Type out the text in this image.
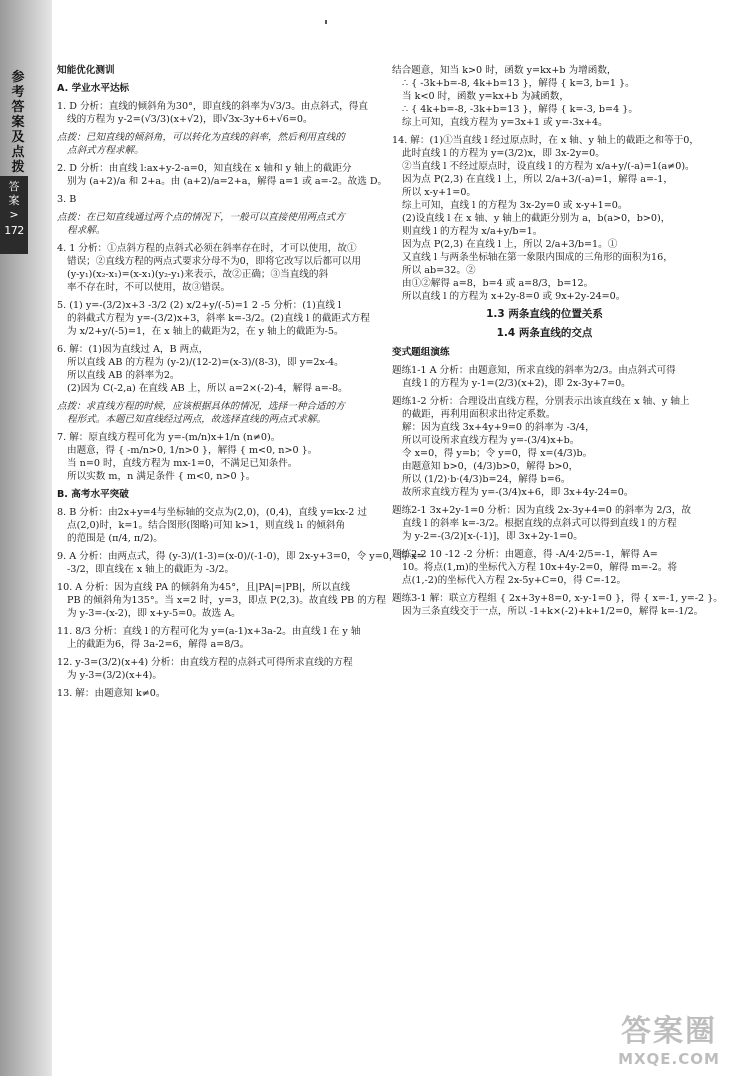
参
考
答
案
及
点
拨
答
案
>
172
知能优化测训
A. 学业水平达标
1. D 分析：直线的倾斜角为30°，即直线的斜率为√3/3。由点斜式，得直
线的方程为 y-2=(√3/3)(x+√2)，即√3x-3y+6+√6=0。
点拨：已知直线的倾斜角，可以转化为直线的斜率，然后利用直线的
点斜式方程求解。
2. D 分析：由直线 l:ax+y-2-a=0，知直线在 x 轴和 y 轴上的截距分
别为 (a+2)/a 和 2+a。由 (a+2)/a=2+a，解得 a=1 或 a=-2。故选 D。
3. B
点拨：在已知直线通过两个点的情况下，一般可以直接使用两点式方
程求解。
4. 1 分析：①点斜方程的点斜式必须在斜率存在时，才可以使用，故①
错误；②直线方程的两点式要求分母不为0，即将它改写以后都可以用
(y-y₁)(x₂-x₁)=(x-x₁)(y₂-y₁)来表示，故②正确；③当直线的斜
率不存在时，不可以使用，故③错误。
5. (1) y=-(3/2)x+3 -3/2 (2) x/2+y/(-5)=1 2 -5 分析：(1)直线 l
的斜截式方程为 y=-(3/2)x+3，斜率 k=-3/2。(2)直线 l 的截距式方程
为 x/2+y/(-5)=1，在 x 轴上的截距为2，在 y 轴上的截距为-5。
6. 解：(1)因为直线过 A，B 两点，
所以直线 AB 的方程为 (y-2)/(12-2)=(x-3)/(8-3)，即 y=2x-4。
所以直线 AB 的斜率为2。
(2)因为 C(-2,a) 在直线 AB 上，所以 a=2×(-2)-4，解得 a=-8。
点拨：求直线方程的时候，应该根据具体的情况，选择一种合适的方
程形式。本题已知直线经过两点，故选择直线的两点式求解。
7. 解：原直线方程可化为 y=-(m/n)x+1/n (n≠0)。
由题意，得 { -m/n>0, 1/n>0 }，解得 { m<0, n>0 }。
当 n=0 时，直线方程为 mx-1=0，不满足已知条件。
所以实数 m，n 满足条件 { m<0, n>0 }。
B. 高考水平突破
8. B 分析：由2x+y=4与坐标轴的交点为(2,0)，(0,4)，直线 y=kx-2 过
点(2,0)时，k=1。结合图形(图略)可知 k>1，则直线 l₁ 的倾斜角
的范围是 (π/4, π/2)。
9. A 分析：由两点式，得 (y-3)/(1-3)=(x-0)/(-1-0)，即 2x-y+3=0，令 y=0，得 x=
-3/2，即直线在 x 轴上的截距为 -3/2。
10. A 分析：因为直线 PA 的倾斜角为45°，且|PA|=|PB|，所以直线
PB 的倾斜角为135°。当 x=2 时，y=3，即点 P(2,3)。故直线 PB 的方程
为 y-3=-(x-2)，即 x+y-5=0。故选 A。
11. 8/3 分析：直线 l 的方程可化为 y=(a-1)x+3a-2。由直线 l 在 y 轴
上的截距为6，得 3a-2=6，解得 a=8/3。
12. y-3=(3/2)(x+4) 分析：由直线方程的点斜式可得所求直线的方程
为 y-3=(3/2)(x+4)。
13. 解：由题意知 k≠0。
结合题意，知当 k>0 时，函数 y=kx+b 为增函数，
∴ { -3k+b=-8, 4k+b=13 }，解得 { k=3, b=1 }。
当 k<0 时，函数 y=kx+b 为减函数，
∴ { 4k+b=-8, -3k+b=13 }，解得 { k=-3, b=4 }。
综上可知，直线方程为 y=3x+1 或 y=-3x+4。
14. 解：(1)①当直线 l 经过原点时，在 x 轴、y 轴上的截距之和等于0，
此时直线 l 的方程为 y=(3/2)x，即 3x-2y=0。
②当直线 l 不经过原点时，设直线 l 的方程为 x/a+y/(-a)=1(a≠0)。
因为点 P(2,3) 在直线 l 上，所以 2/a+3/(-a)=1，解得 a=-1，
所以 x-y+1=0。
综上可知，直线 l 的方程为 3x-2y=0 或 x-y+1=0。
(2)设直线 l 在 x 轴、y 轴上的截距分别为 a，b(a>0，b>0)，
则直线 l 的方程为 x/a+y/b=1。
因为点 P(2,3) 在直线 l 上，所以 2/a+3/b=1。①
又直线 l 与两条坐标轴在第一象限内围成的三角形的面积为16，
所以 ab=32。②
由①②解得 a=8，b=4 或 a=8/3，b=12。
所以直线 l 的方程为 x+2y-8=0 或 9x+2y-24=0。
1.3 两条直线的位置关系
1.4 两条直线的交点
变式题组演练
题练1-1 A 分析：由题意知，所求直线的斜率为2/3。由点斜式可得
直线 l 的方程为 y-1=(2/3)(x+2)，即 2x-3y+7=0。
题练1-2 分析：合理设出直线方程，分别表示出该直线在 x 轴、y 轴上
的截距，再利用面积求出待定系数。
解：因为直线 3x+4y+9=0 的斜率为 -3/4，
所以可设所求直线方程为 y=-(3/4)x+b。
令 x=0，得 y=b；令 y=0，得 x=(4/3)b。
由题意知 b>0，(4/3)b>0，解得 b>0，
所以 (1/2)·b·(4/3)b=24，解得 b=6。
故所求直线方程为 y=-(3/4)x+6，即 3x+4y-24=0。
题练2-1 3x+2y-1=0 分析：因为直线 2x-3y+4=0 的斜率为 2/3，故
直线 l 的斜率 k=-3/2。根据直线的点斜式可以得到直线 l 的方程
为 y-2=-(3/2)[x-(-1)]，即 3x+2y-1=0。
题练2-2 10 -12 -2 分析：由题意，得 -A/4·2/5=-1，解得 A=
10。将点(1,m)的坐标代入方程 10x+4y-2=0，解得 m=-2。将
点(1,-2)的坐标代入方程 2x-5y+C=0，得 C=-12。
题练3-1 解：联立方程组 { 2x+3y+8=0, x-y-1=0 }，得 { x=-1, y=-2 }。
因为三条直线交于一点，所以 -1+k×(-2)+k+1/2=0，解得 k=-1/2。
答案圈
MXQE.COM
